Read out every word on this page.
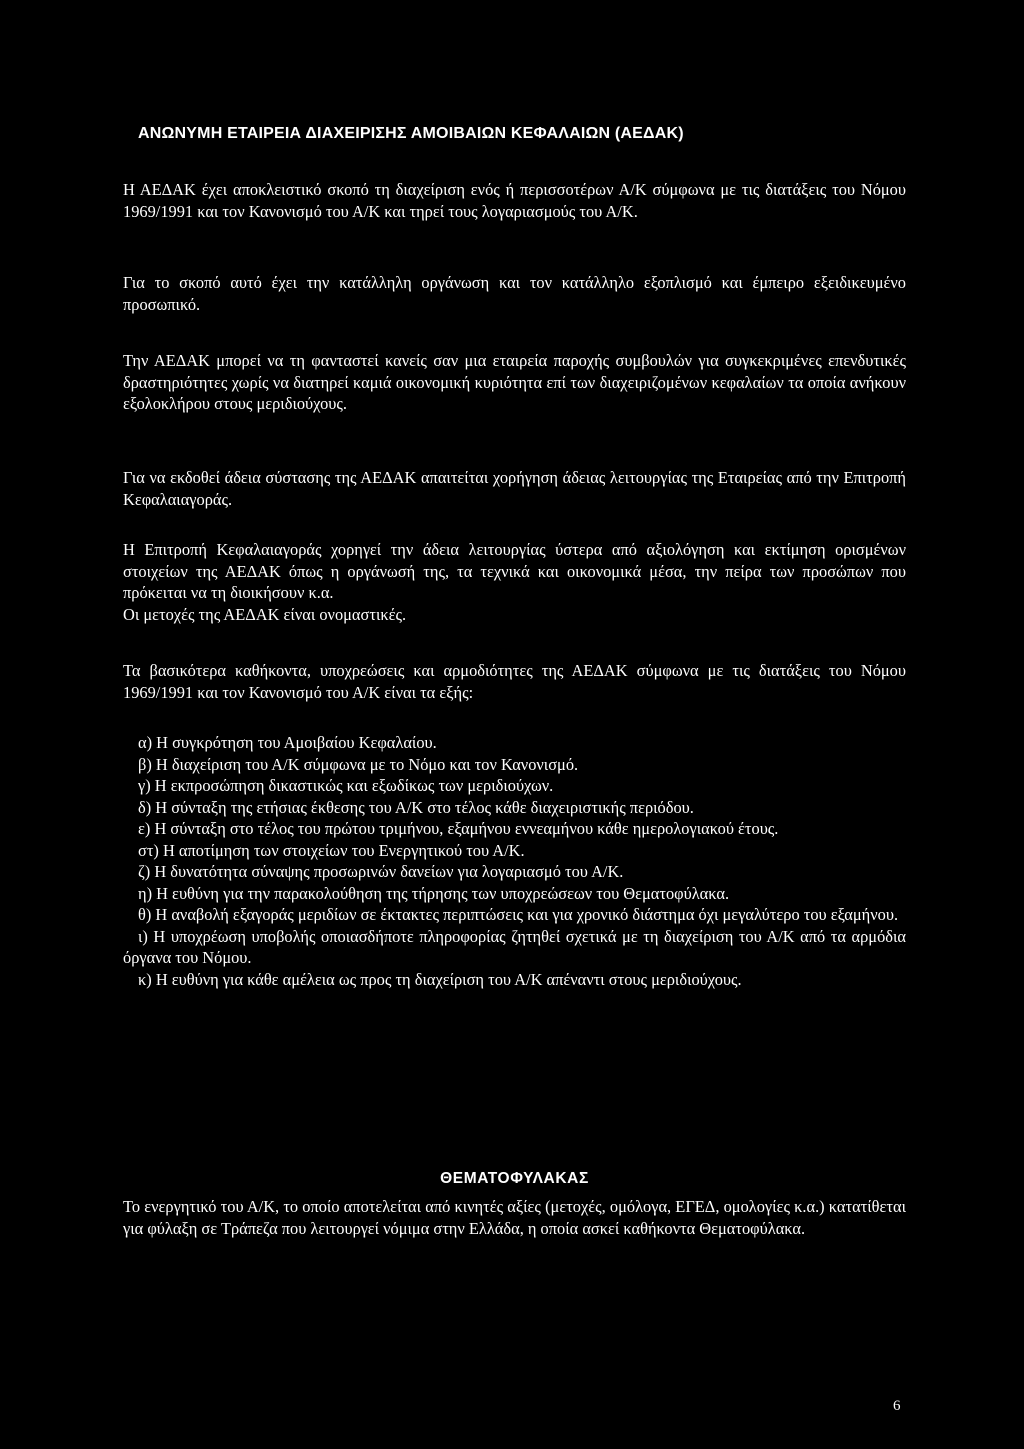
ΑΝΩΝΥΜΗ ΕΤΑΙΡΕΙΑ ΔΙΑΧΕΙΡΙΣΗΣ ΑΜΟΙΒΑΙΩΝ ΚΕΦΑΛΑΙΩΝ (ΑΕΔΑΚ)

Η ΑΕΔΑΚ έχει αποκλειστικό σκοπό τη διαχείριση ενός ή περισσοτέρων Α/Κ σύμφωνα με τις διατάξεις του Νόμου 1969/1991 και τον Κανονισμό του Α/Κ και τηρεί τους λογαριασμούς του Α/Κ.

Για το σκοπό αυτό έχει την κατάλληλη οργάνωση και τον κατάλληλο εξοπλισμό και έμπειρο εξειδικευμένο προσωπικό.

Την ΑΕΔΑΚ μπορεί να τη φανταστεί κανείς σαν μια εταιρεία παροχής συμβουλών για συγκεκριμένες επενδυτικές δραστηριότητες χωρίς να διατηρεί καμιά οικονομική κυριότητα επί των διαχειριζομένων κεφαλαίων τα οποία ανήκουν εξολοκλήρου στους μεριδιούχους.

Για να εκδοθεί άδεια σύστασης της ΑΕΔΑΚ απαιτείται χορήγηση άδειας λειτουργίας της Εταιρείας από την Επιτροπή Κεφαλαιαγοράς.

Η Επιτροπή Κεφαλαιαγοράς χορηγεί την άδεια λειτουργίας ύστερα από αξιολόγηση και εκτίμηση ορισμένων στοιχείων της ΑΕΔΑΚ όπως η οργάνωσή της, τα τεχνικά και οικονομικά μέσα, την πείρα των προσώπων που πρόκειται να τη διοικήσουν κ.α.
Οι μετοχές της ΑΕΔΑΚ είναι ονομαστικές.

Τα βασικότερα καθήκοντα, υποχρεώσεις και αρμοδιότητες της ΑΕΔΑΚ σύμφωνα με τις διατάξεις του Νόμου 1969/1991 και τον Κανονισμό του Α/Κ είναι τα εξής:

α) Η συγκρότηση του Αμοιβαίου Κεφαλαίου.
β) Η διαχείριση του Α/Κ σύμφωνα με το Νόμο και τον Κανονισμό.
γ) Η εκπροσώπηση δικαστικώς και εξωδίκως των μεριδιούχων.
δ) Η σύνταξη της ετήσιας έκθεσης του Α/Κ στο τέλος κάθε διαχειριστικής περιόδου.
ε) Η σύνταξη στο τέλος του πρώτου τριμήνου, εξαμήνου εννεαμήνου κάθε ημερολογιακού έτους.
στ) Η αποτίμηση των στοιχείων του Ενεργητικού του Α/Κ.
ζ) Η δυνατότητα σύναψης προσωρινών δανείων για λογαριασμό του Α/Κ.
η) Η ευθύνη για την παρακολούθηση της τήρησης των υποχρεώσεων του Θεματοφύλακα.
θ) Η αναβολή εξαγοράς μεριδίων σε έκτακτες περιπτώσεις και για χρονικό διάστημα όχι μεγαλύτερο του εξαμήνου.
ι) Η υποχρέωση υποβολής οποιασδήποτε πληροφορίας ζητηθεί σχετικά με τη διαχείριση του Α/Κ από τα αρμόδια όργανα του Νόμου.
κ) Η ευθύνη για κάθε αμέλεια ως προς τη διαχείριση του Α/Κ απέναντι στους μεριδιούχους.
ΘΕΜΑΤΟΦΥΛΑΚΑΣ

Το ενεργητικό του Α/Κ, το οποίο αποτελείται από κινητές αξίες (μετοχές, ομόλογα, ΕΓΕΔ, ομολογίες κ.α.) κατατίθεται για φύλαξη σε Τράπεζα που λειτουργεί νόμιμα στην Ελλάδα, η οποία ασκεί καθήκοντα Θεματοφύλακα.

6
